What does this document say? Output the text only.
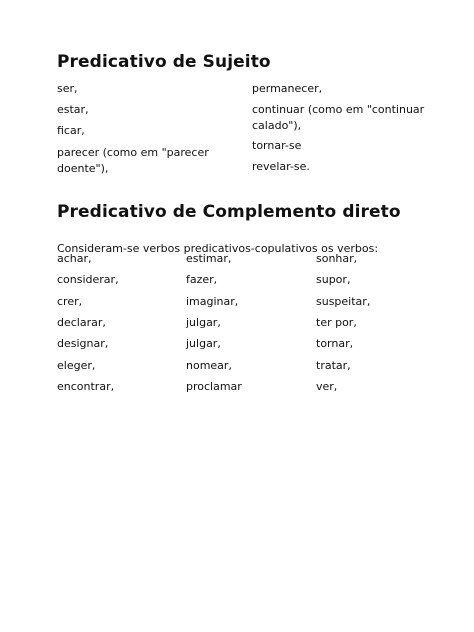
Predicativo de Sujeito

ser,

estar,

ficar,

parecer (como em "parecer doente"),

permanecer,

continuar (como em "continuar calado"),

tornar-se

revelar-se.

Predicativo de Complemento direto

Consideram-se verbos predicativos-copulativos os verbos:

achar,

considerar,

crer,

declarar,

designar,

eleger,

encontrar,

estimar,

fazer,

imaginar,

julgar,

julgar,

nomear,

proclamar

sonhar,

supor,

suspeitar,

ter por,

tornar,

tratar,

ver,
